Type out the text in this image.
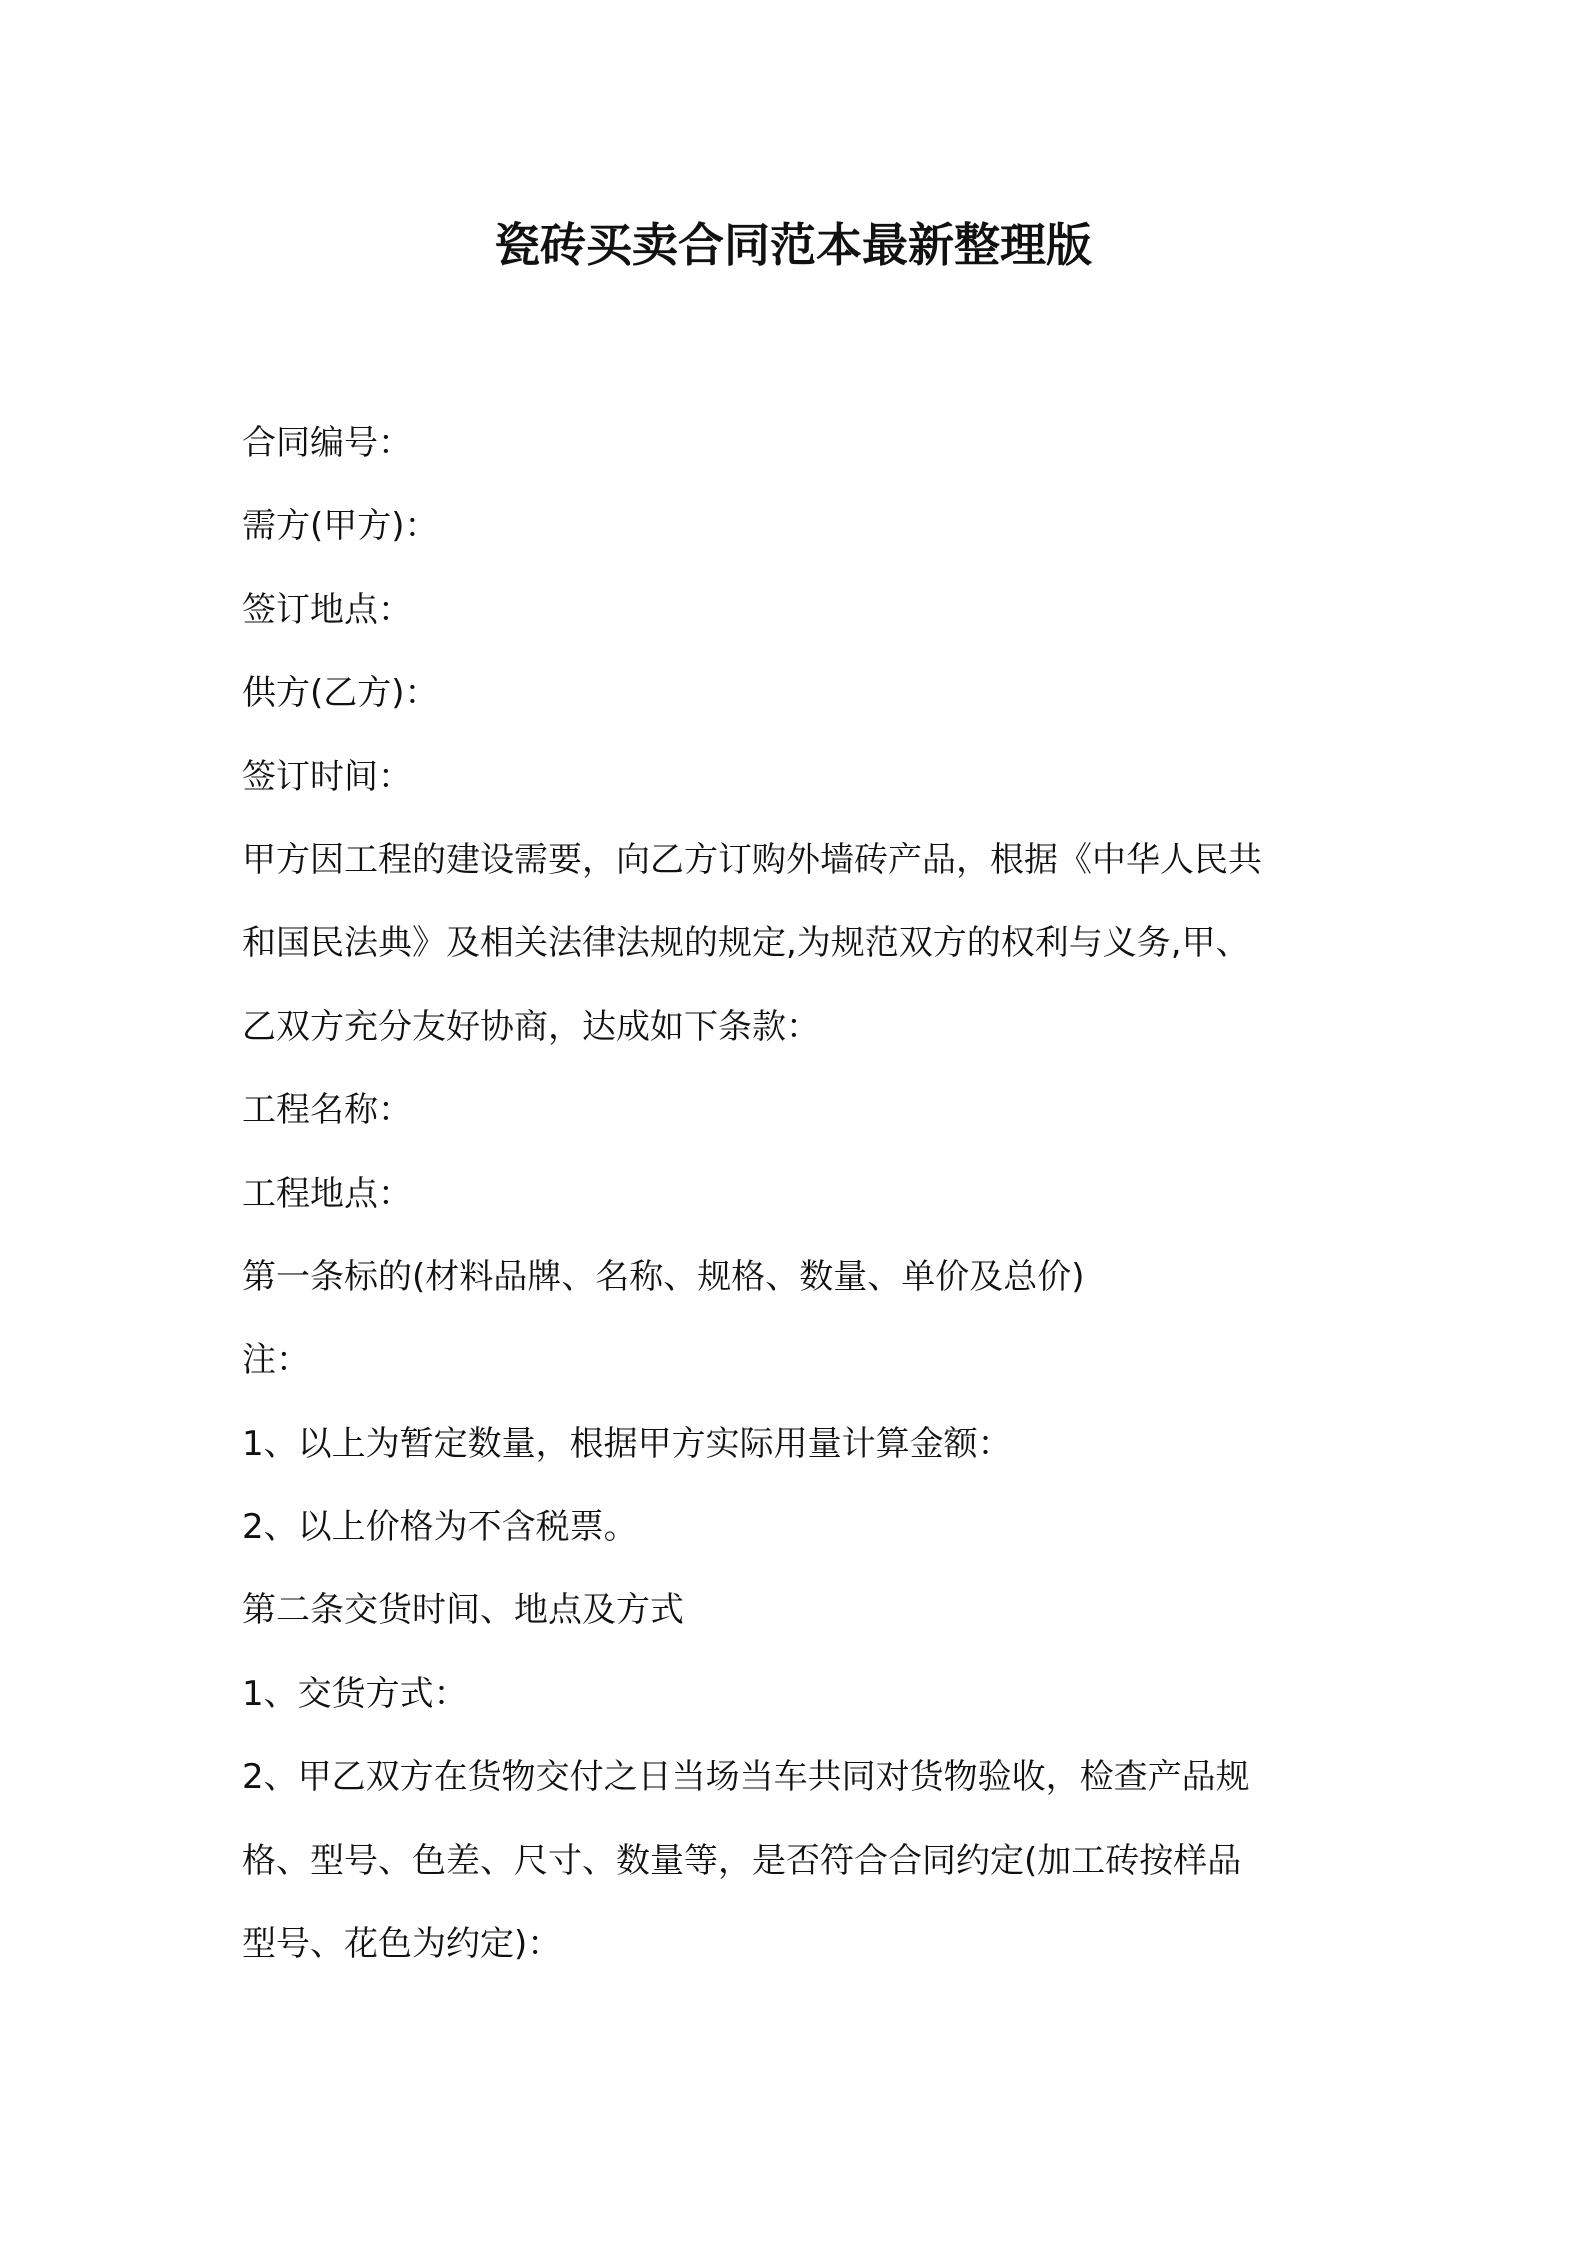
瓷砖买卖合同范本最新整理版
合同编号：
需方(甲方)：
签订地点：
供方(乙方)：
签订时间：
甲方因工程的建设需要，向乙方订购外墙砖产品，根据《中华人民共
和国民法典》及相关法律法规的规定,为规范双方的权利与义务,甲、
乙双方充分友好协商，达成如下条款：
工程名称：
工程地点：
第一条标的(材料品牌、名称、规格、数量、单价及总价)
注：
1、以上为暂定数量，根据甲方实际用量计算金额：
2、以上价格为不含税票。
第二条交货时间、地点及方式
1、交货方式：
2、甲乙双方在货物交付之日当场当车共同对货物验收，检查产品规
格、型号、色差、尺寸、数量等，是否符合合同约定(加工砖按样品
型号、花色为约定)：
